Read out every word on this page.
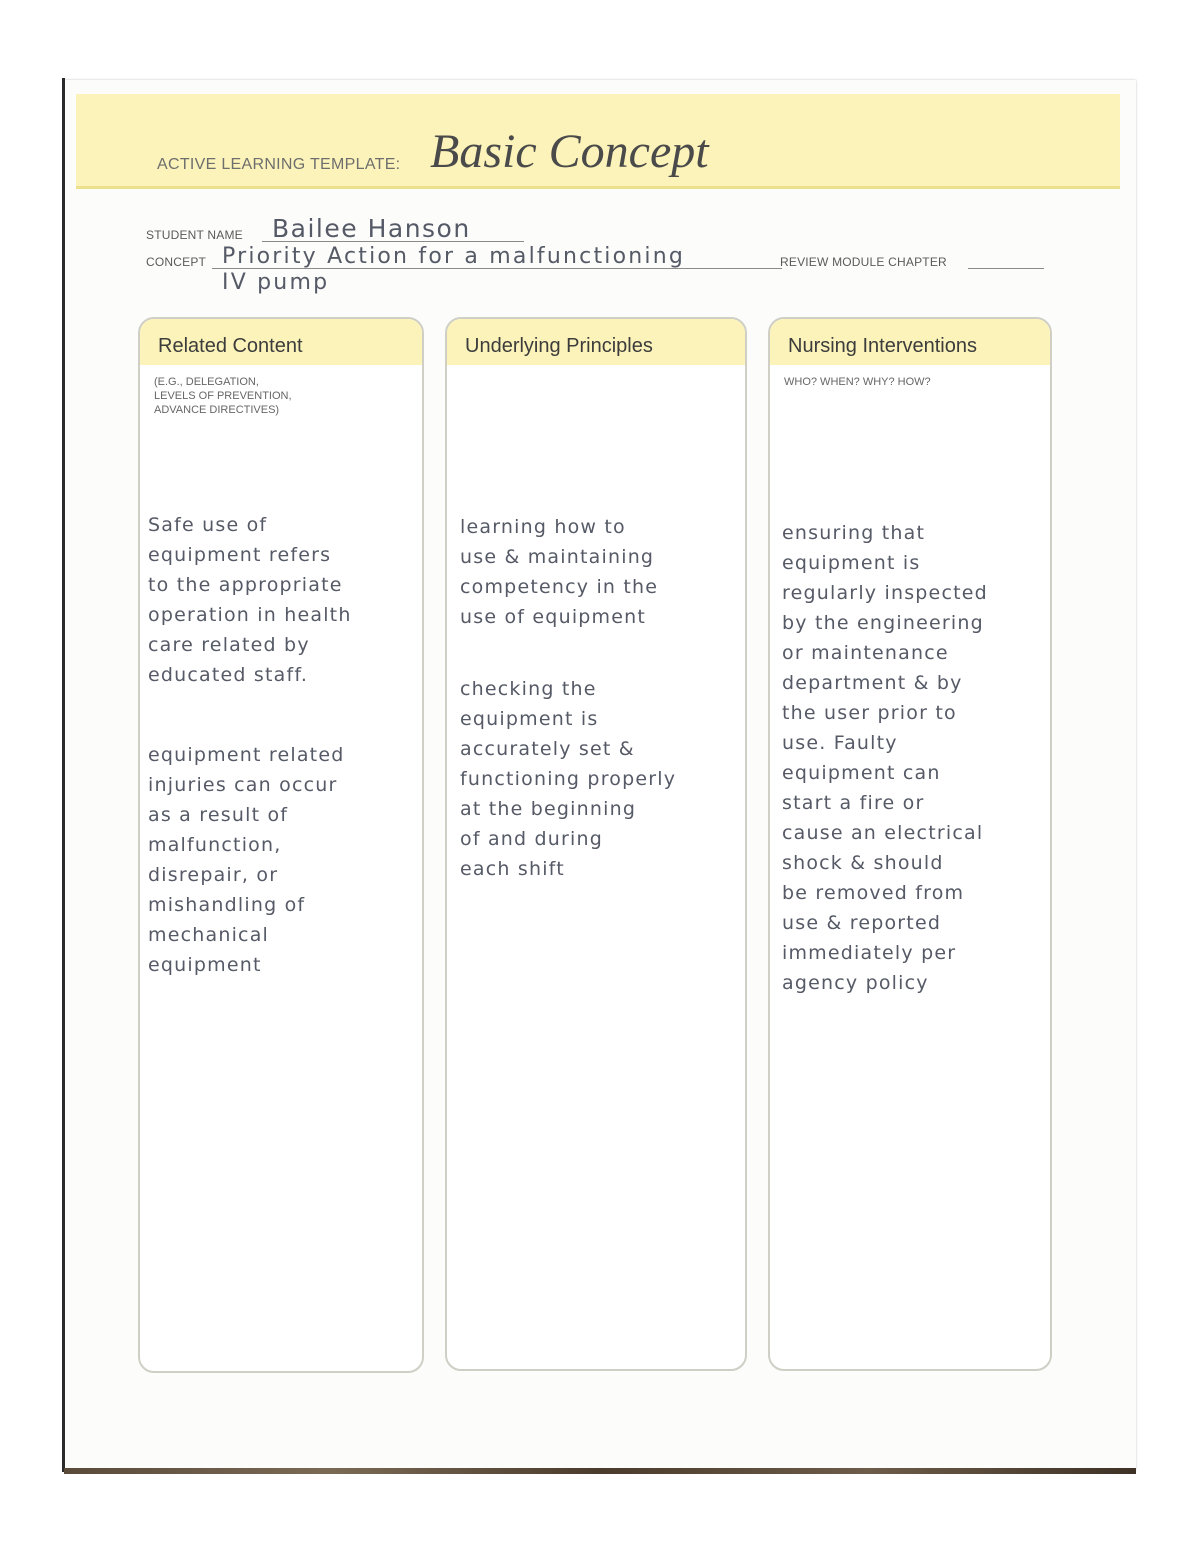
ACTIVE LEARNING TEMPLATE: Basic Concept
STUDENT NAME Bailee Hanson
CONCEPT Priority Action for a malfunctioning
IV pump
REVIEW MODULE CHAPTER
Related Content
(E.G., DELEGATION,
LEVELS OF PREVENTION,
ADVANCE DIRECTIVES)
Underlying Principles	Nursing Interventions
WHO? WHEN? WHY? HOW?
Safe use of
equipment refers
to the appropriate
operation in health
care related by
educated staff.
equipment related
injuries can occur
as a result of
malfunction,
disrepair, or
mishandling of
mechanical
equipment
learning how to
use & maintaining
competency in the
use of equipment
checking the
equipment is
accurately set &
functioning properly
at the beginning
of and during
each shift
ensuring that
equipment is
regularly inspected
by the engineering
or maintenance
department & by
the user prior to
use. Faulty
equipment can
start a fire or
cause an electrical
shock & should
be removed from
use & reported
immediately per
agency policy
